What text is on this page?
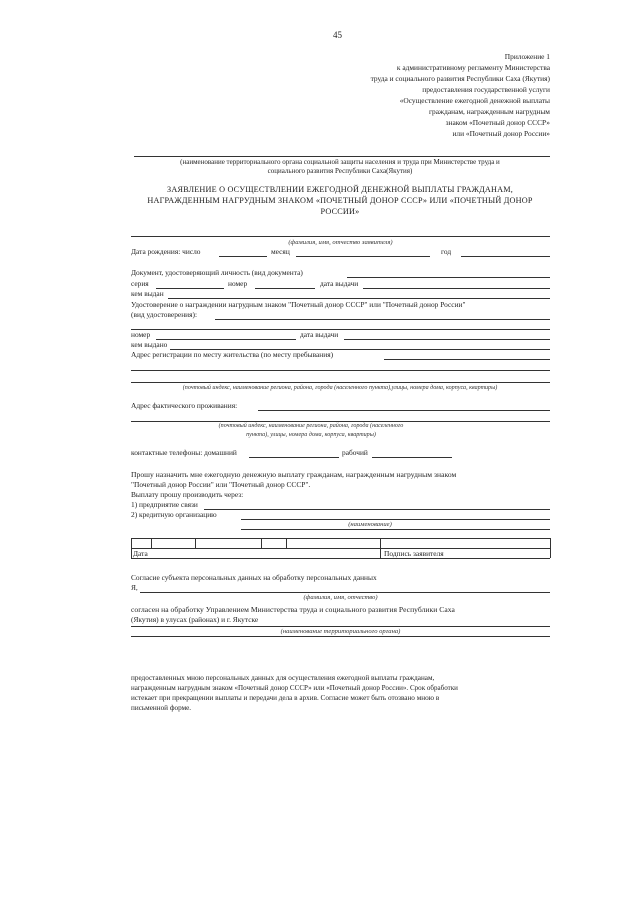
45
Приложение 1
к административному регламенту Министерства
труда и социального развития Республики Саха (Якутия)
предоставления государственной услуги
«Осуществление ежегодной денежной выплаты
гражданам, награжденным нагрудным
знаком «Почетный донор СССР»
или «Почетный донор России»
(наименование территориального органа социальной защиты населения и труда при Министерстве труда и
социального развития Республики Саха(Якутия)
ЗАЯВЛЕНИЕ О ОСУЩЕСТВЛЕНИИ ЕЖЕГОДНОЙ ДЕНЕЖНОЙ ВЫПЛАТЫ ГРАЖДАНАМ,
НАГРАЖДЕННЫМ НАГРУДНЫМ ЗНАКОМ «ПОЧЕТНЫЙ ДОНОР СССР» ИЛИ «ПОЧЕТНЫЙ ДОНОР
РОССИИ»
(фамилия, имя, отчество заявителя)
Дата рождения: число	месяц	год
Документ, удостоверяющий личность (вид документа)
серия	номер	дата выдачи
кем выдан
Удостоверение о награждении нагрудным знаком "Почетный донор СССР" или "Почетный донор России"
(вид удостоверения):
номер	дата выдачи
кем выдано
Адрес регистрации по месту жительства (по месту пребывания)
(почтовый индекс, наименование региона, района, города (населенного пункта),улицы, номера дома, корпуса, квартиры)
Адрес фактического проживания:
(почтовый индекс, наименование региона, района, города (населенного
пункта), улицы, номера дома, корпуса, квартиры)
контактные телефоны: домашний	рабочий
Прошу назначить мне ежегодную денежную выплату гражданам, награжденным нагрудным знаком
"Почетный донор России" или "Почетный донор СССР".
Выплату прошу производить через:
1) предприятие связи
2) кредитную организацию
(наименование)
Дата	Подпись заявителя
Согласие субъекта персональных данных на обработку персональных данных
Я,
(фамилия, имя, отчество)
согласен на обработку Управлением Министерства труда и социального развития Республики Саха
(Якутия) в улусах (районах) и г. Якутске
(наименование территориального органа)
предоставленных мною персональных данных для осуществления ежегодной выплаты гражданам,
награжденным нагрудным знаком «Почетный донор СССР» или «Почетный донор России». Срок обработки
истекает при прекращении выплаты и передачи дела в архив. Согласие может быть отозвано мною в
письменной форме.
